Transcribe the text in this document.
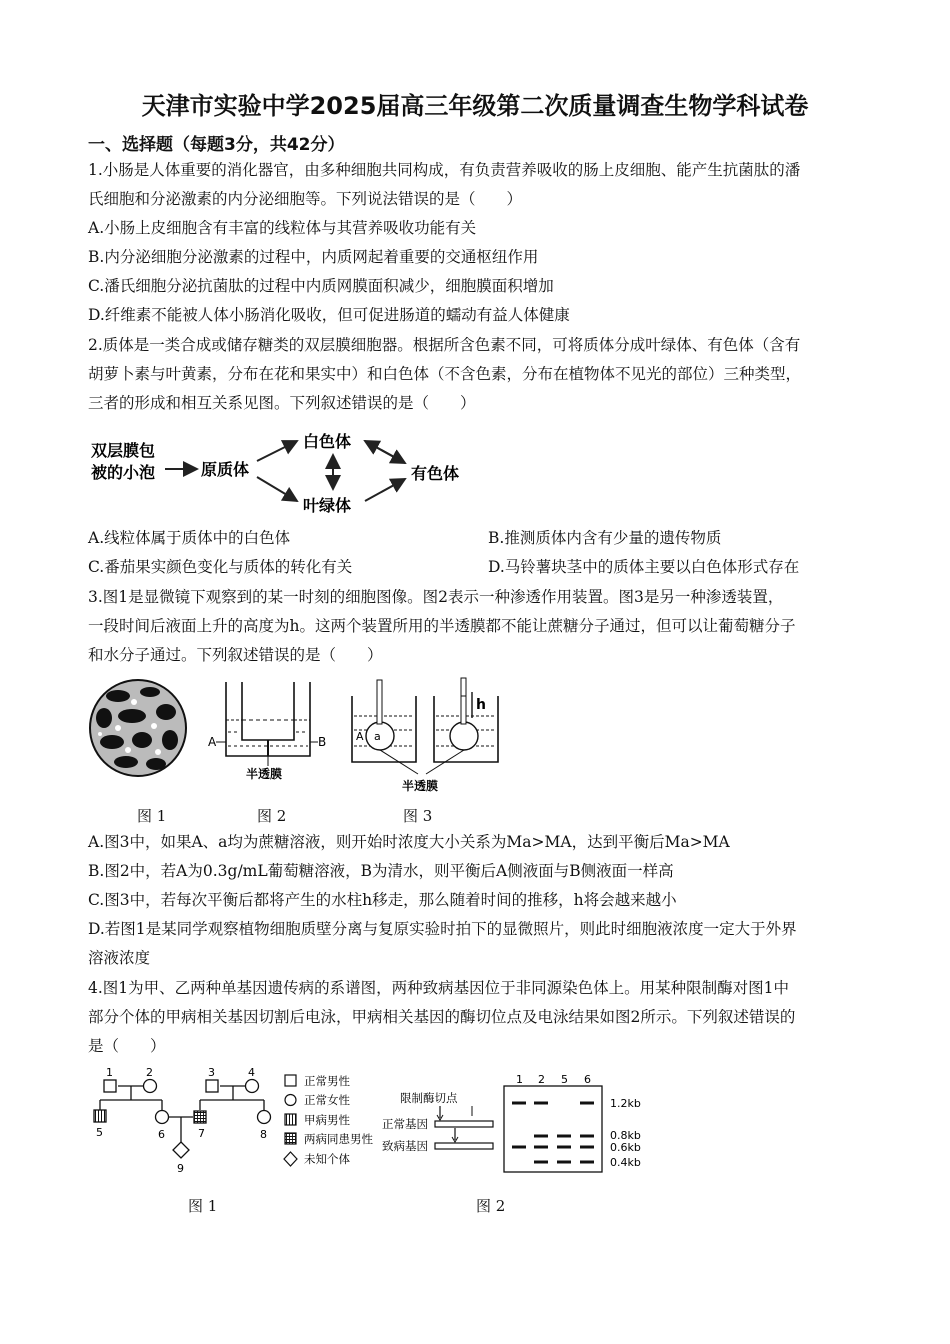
天津市实验中学2025届高三年级第二次质量调查生物学科试卷
一、选择题（每题3分，共42分）
1.小肠是人体重要的消化器官，由多种细胞共同构成，有负责营养吸收的肠上皮细胞、能产生抗菌肽的潘
氏细胞和分泌激素的内分泌细胞等。下列说法错误的是（　　）
A.小肠上皮细胞含有丰富的线粒体与其营养吸收功能有关
B.内分泌细胞分泌激素的过程中，内质网起着重要的交通枢纽作用
C.潘氏细胞分泌抗菌肽的过程中内质网膜面积减少，细胞膜面积增加
D.纤维素不能被人体小肠消化吸收，但可促进肠道的蠕动有益人体健康
2.质体是一类合成或储存糖类的双层膜细胞器。根据所含色素不同，可将质体分成叶绿体、有色体（含有
胡萝卜素与叶黄素，分布在花和果实中）和白色体（不含色素，分布在植物体不见光的部位）三种类型，
三者的形成和相互关系见图。下列叙述错误的是（　　）
双层膜包
被的小泡	原质体
白色体
叶绿体
有色体
A.线粒体属于质体中的白色体	B.推测质体内含有少量的遗传物质
C.番茄果实颜色变化与质体的转化有关	D.马铃薯块茎中的质体主要以白色体形式存在
3.图1是显微镜下观察到的某一时刻的细胞图像。图2表示一种渗透作用装置。图3是另一种渗透装置，
一段时间后液面上升的高度为h。这两个装置所用的半透膜都不能让蔗糖分子通过，但可以让葡萄糖分子
和水分子通过。下列叙述错误的是（　　）
A	B
半透膜
h
A a
半透膜
图 1	图 2	图 3
A.图3中，如果A、a均为蔗糖溶液，则开始时浓度大小关系为Ma>MA，达到平衡后Ma>MA
B.图2中，若A为0.3g/mL葡萄糖溶液，B为清水，则平衡后A侧液面与B侧液面一样高
C.图3中，若每次平衡后都将产生的水柱h移走，那么随着时间的推移，h将会越来越小
D.若图1是某同学观察植物细胞质壁分离与复原实验时拍下的显微照片，则此时细胞液浓度一定大于外界
溶液浓度
4.图1为甲、乙两种单基因遗传病的系谱图，两种致病基因位于非同源染色体上。用某种限制酶对图1中
部分个体的甲病相关基因切割后电泳，甲病相关基因的酶切位点及电泳结果如图2所示。下列叙述错误的
是（　　）
1	2	3	4
5	6	7	8
9
正常男性
正常女性
甲病男性
两病同患男性
未知个体
限制酶切点
正常基因
致病基因
1 2 5 6
1.2kb
0.8kb
0.6kb
0.4kb
图 1	图 2
